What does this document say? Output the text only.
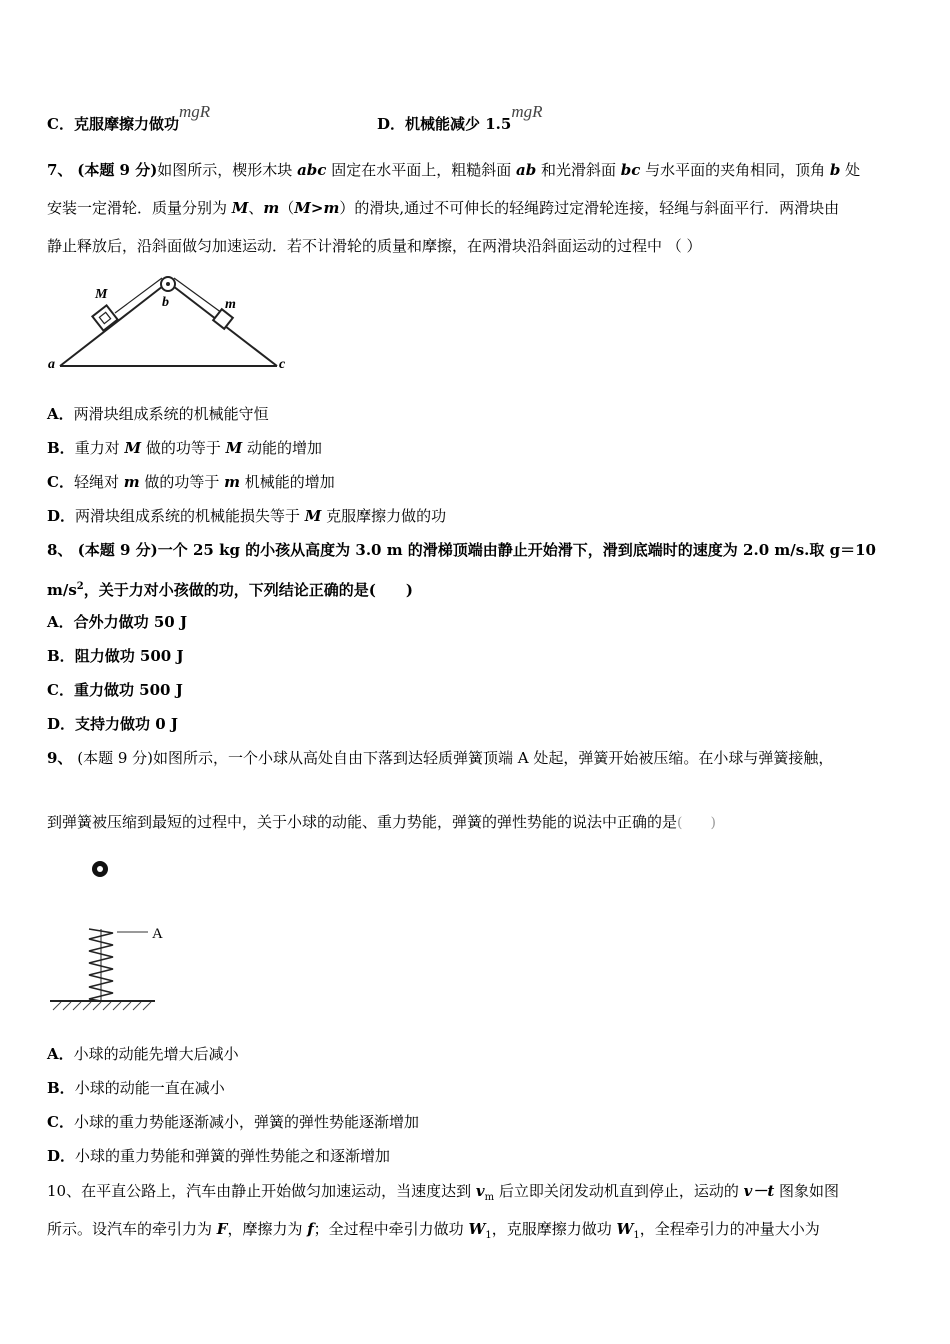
C．克服摩擦力做功mgR
D．机械能减少 1.5mgR
7、 (本题 9 分)如图所示，楔形木块 abc 固定在水平面上，粗糙斜面 ab 和光滑斜面 bc 与水平面的夹角相同，顶角 b 处
安装一定滑轮．质量分别为 M、m（M>m）的滑块,通过不可伸长的轻绳跨过定滑轮连接，轻绳与斜面平行．两滑块由
静止释放后，沿斜面做匀加速运动．若不计滑轮的质量和摩擦，在两滑块沿斜面运动的过程中 （ ）
M
b	m
a	c
A．两滑块组成系统的机械能守恒
B．重力对 M 做的功等于 M 动能的增加
C．轻绳对 m 做的功等于 m 机械能的增加
D．两滑块组成系统的机械能损失等于 M 克服摩擦力做的功
8、 (本题 9 分)一个 25 kg 的小孩从高度为 3.0 m 的滑梯顶端由静止开始滑下，滑到底端时的速度为 2.0 m/s.取 g＝10
$m/s^2$，关于力对小孩做的功，下列结论正确的是(　　)
A．合外力做功 50 J
B．阻力做功 500 J
C．重力做功 500 J
D．支持力做功 0 J
9、 (本题 9 分)如图所示，一个小球从高处自由下落到达轻质弹簧顶端 A 处起，弹簧开始被压缩。在小球与弹簧接触，
到弹簧被压缩到最短的过程中，关于小球的动能、重力势能，弹簧的弹性势能的说法中正确的是(　　)
A
A．小球的动能先增大后减小
B．小球的动能一直在减小
C．小球的重力势能逐渐减小，弹簧的弹性势能逐渐增加
D．小球的重力势能和弹簧的弹性势能之和逐渐增加
10、在平直公路上，汽车由静止开始做匀加速运动，当速度达到 $v_m$ 后立即关闭发动机直到停止，运动的 v－t 图象如图
所示。设汽车的牵引力为 F，摩擦力为 f；全过程中牵引力做功 $W_1$，克服摩擦力做功 $W_1$，全程牵引力的冲量大小为
